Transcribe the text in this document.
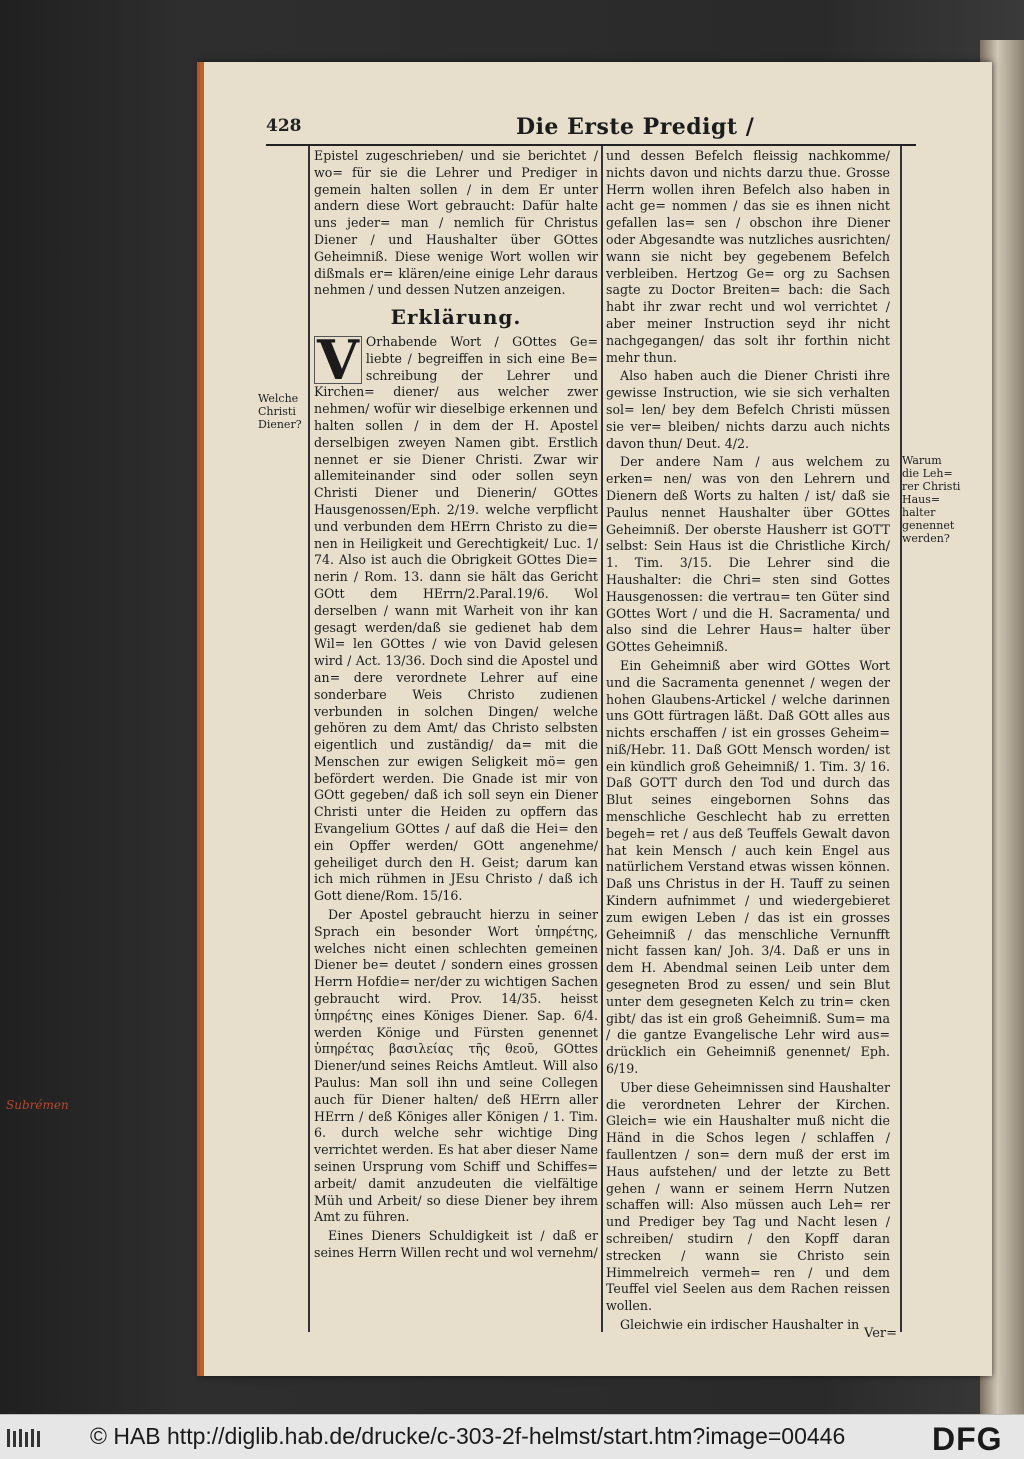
428	Die Erste Predigt /
Welche Christi Diener?
Warum die Leh= rer Christi Haus= halter genennet werden?

Epistel zugeschrieben/ und sie berichtet / wo= für sie die Lehrer und Prediger in gemein halten sollen / in dem Er unter andern diese Wort gebraucht: Dafür halte uns jeder= man / nemlich für Christus Diener / und Haushalter über GOttes Geheimniß. Diese wenige Wort wollen wir dißmals er= klären/eine einige Lehr daraus nehmen / und dessen Nutzen anzeigen.

Erklärung.

V Orhabende Wort / GOttes Ge= liebte / begreiffen in sich eine Be= schreibung der Lehrer und Kirchen= diener/ aus welcher zwer nehmen/ wofür wir dieselbige erkennen und halten sollen / in dem der H. Apostel derselbigen zweyen Namen gibt. Erstlich nennet er sie Diener Christi. Zwar wir allemiteinander sind oder sollen seyn Christi Diener und Dienerin/ GOttes Hausgenossen/Eph. 2/19. welche verpflicht und verbunden dem HErrn Christo zu die= nen in Heiligkeit und Gerechtigkeit/ Luc. 1/ 74. Also ist auch die Obrigkeit GOttes Die= nerin / Rom. 13. dann sie hält das Gericht GOtt dem HErrn/2.Paral.19/6. Wol derselben / wann mit Warheit von ihr kan gesagt werden/daß sie gedienet hab dem Wil= len GOttes / wie von David gelesen wird / Act. 13/36. Doch sind die Apostel und an= dere verordnete Lehrer auf eine sonderbare Weis Christo zudienen verbunden in solchen Dingen/ welche gehören zu dem Amt/ das Christo selbsten eigentlich und zuständig/ da= mit die Menschen zur ewigen Seligkeit mö= gen befördert werden. Die Gnade ist mir von GOtt gegeben/ daß ich soll seyn ein Diener Christi unter die Heiden zu opffern das Evangelium GOttes / auf daß die Hei= den ein Opffer werden/ GOtt angenehme/ geheiliget durch den H. Geist; darum kan ich mich rühmen in JEsu Christo / daß ich Gott diene/Rom. 15/16.

Der Apostel gebraucht hierzu in seiner Sprach ein besonder Wort ὑπηρέτης, welches nicht einen schlechten gemeinen Diener be= deutet / sondern eines grossen Herrn Hofdie= ner/der zu wichtigen Sachen gebraucht wird. Prov. 14/35. heisst ὑπηρέτης eines Königes Diener. Sap. 6/4. werden Könige und Fürsten genennet ὑπηρέτας βασιλείας τῆς θεοῦ, GOttes Diener/und seines Reichs Amtleut. Will also Paulus: Man soll ihn und seine Collegen auch für Diener halten/ deß HErrn aller HErrn / deß Königes aller Königen / 1. Tim. 6. durch welche sehr wichtige Ding verrichtet werden. Es hat aber dieser Name seinen Ursprung vom Schiff und Schiffes= arbeit/ damit anzudeuten die vielfältige Müh und Arbeit/ so diese Diener bey ihrem Amt zu führen.

Eines Dieners Schuldigkeit ist / daß er seines Herrn Willen recht und wol vernehm/

und dessen Befelch fleissig nachkomme/ nichts davon und nichts darzu thue. Grosse Herrn wollen ihren Befelch also haben in acht ge= nommen / das sie es ihnen nicht gefallen las= sen / obschon ihre Diener oder Abgesandte was nutzliches ausrichten/ wann sie nicht bey gegebenem Befelch verbleiben. Hertzog Ge= org zu Sachsen sagte zu Doctor Breiten= bach: die Sach habt ihr zwar recht und wol verrichtet / aber meiner Instruction seyd ihr nicht nachgegangen/ das solt ihr forthin nicht mehr thun.

Also haben auch die Diener Christi ihre gewisse Instruction, wie sie sich verhalten sol= len/ bey dem Befelch Christi müssen sie ver= bleiben/ nichts darzu auch nichts davon thun/ Deut. 4/2.

Der andere Nam / aus welchem zu erken= nen/ was von den Lehrern und Dienern deß Worts zu halten / ist/ daß sie Paulus nennet Haushalter über GOttes Geheimniß. Der oberste Hausherr ist GOTT selbst: Sein Haus ist die Christliche Kirch/ 1. Tim. 3/15. Die Lehrer sind die Haushalter: die Chri= sten sind Gottes Hausgenossen: die vertrau= ten Güter sind GOttes Wort / und die H. Sacramenta/ und also sind die Lehrer Haus= halter über GOttes Geheimniß.

Ein Geheimniß aber wird GOttes Wort und die Sacramenta genennet / wegen der hohen Glaubens-Artickel / welche darinnen uns GOtt fürtragen läßt. Daß GOtt alles aus nichts erschaffen / ist ein grosses Geheim= niß/Hebr. 11. Daß GOtt Mensch worden/ ist ein kündlich groß Geheimniß/ 1. Tim. 3/ 16. Daß GOTT durch den Tod und durch das Blut seines eingebornen Sohns das menschliche Geschlecht hab zu erretten begeh= ret / aus deß Teuffels Gewalt davon hat kein Mensch / auch kein Engel aus natürlichem Verstand etwas wissen können. Daß uns Christus in der H. Tauff zu seinen Kindern aufnimmet / und wiedergebieret zum ewigen Leben / das ist ein grosses Geheimniß / das menschliche Vernunfft nicht fassen kan/ Joh. 3/4. Daß er uns in dem H. Abendmal seinen Leib unter dem gesegneten Brod zu essen/ und sein Blut unter dem gesegneten Kelch zu trin= cken gibt/ das ist ein groß Geheimniß. Sum= ma / die gantze Evangelische Lehr wird aus= drücklich ein Geheimniß genennet/ Eph. 6/19.

Uber diese Geheimnissen sind Haushalter die verordneten Lehrer der Kirchen. Gleich= wie ein Haushalter muß nicht die Händ in die Schos legen / schlaffen / faullentzen / son= dern muß der erst im Haus aufstehen/ und der letzte zu Bett gehen / wann er seinem Herrn Nutzen schaffen will: Also müssen auch Leh= rer und Prediger bey Tag und Nacht lesen / schreiben/ studirn / den Kopff daran strecken / wann sie Christo sein Himmelreich vermeh= ren / und dem Teuffel viel Seelen aus dem Rachen reissen wollen.

Gleichwie ein irdischer Haushalter in

Ver=
Subrémen
© HAB http://diglib.hab.de/drucke/c-303-2f-helmst/start.htm?image=00446	DFG
